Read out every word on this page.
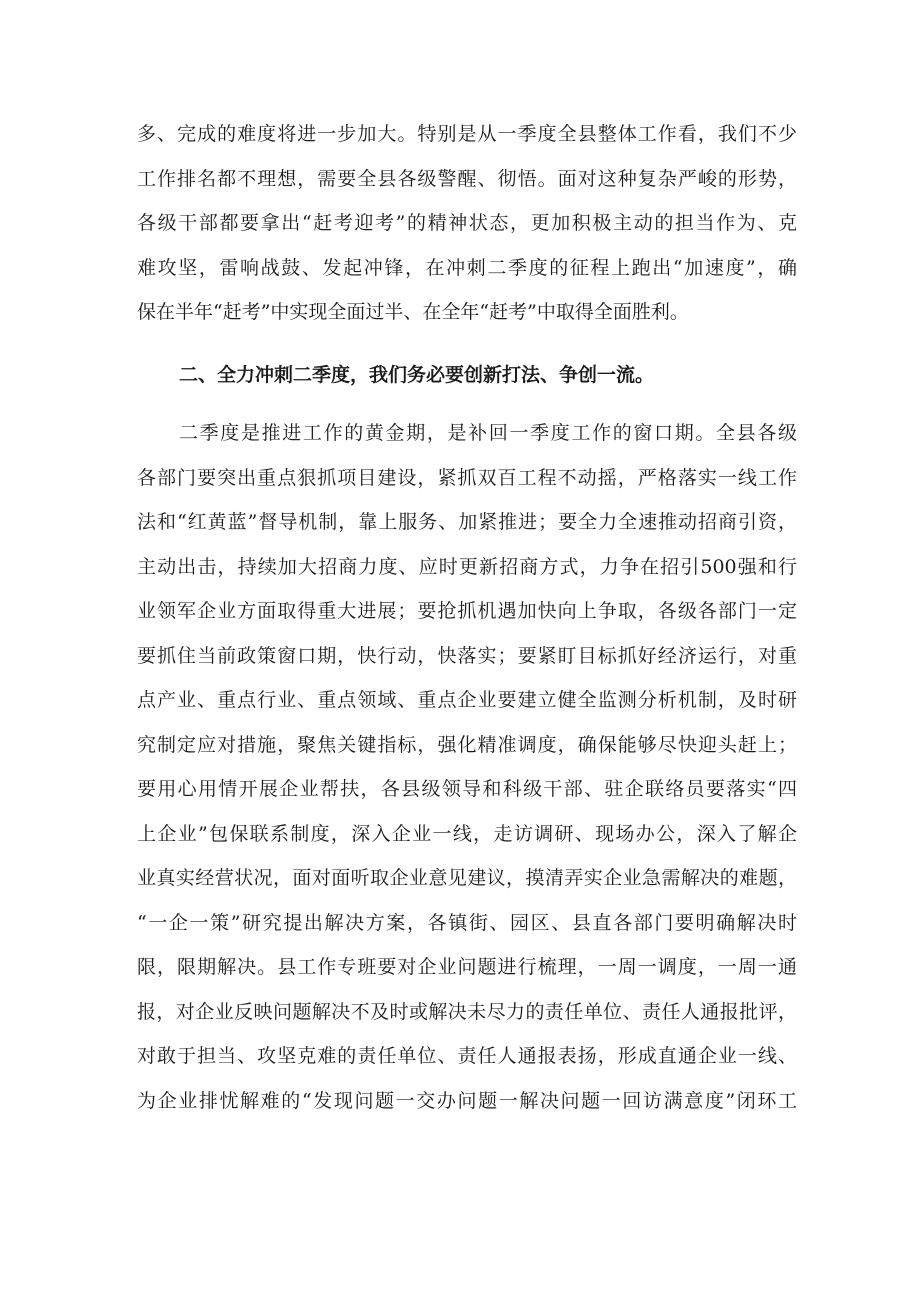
多、完成的难度将进一步加大。特别是从一季度全县整体工作看，我们不少
工作排名都不理想，需要全县各级警醒、彻悟。面对这种复杂严峻的形势，
各级干部都要拿出“赶考迎考”的精神状态，更加积极主动的担当作为、克
难攻坚，雷响战鼓、发起冲锋，在冲刺二季度的征程上跑出“加速度”，确
保在半年“赶考”中实现全面过半、在全年“赶考”中取得全面胜利。
二、全力冲刺二季度，我们务必要创新打法、争创一流。
二季度是推进工作的黄金期，是补回一季度工作的窗口期。全县各级
各部门要突出重点狠抓项目建设，紧抓双百工程不动摇，严格落实一线工作
法和“红黄蓝”督导机制，靠上服务、加紧推进；要全力全速推动招商引资，
主动出击，持续加大招商力度、应时更新招商方式，力争在招引500强和行
业领军企业方面取得重大进展；要抢抓机遇加快向上争取，各级各部门一定
要抓住当前政策窗口期，快行动，快落实；要紧盯目标抓好经济运行，对重
点产业、重点行业、重点领域、重点企业要建立健全监测分析机制，及时研
究制定应对措施，聚焦关键指标，强化精准调度，确保能够尽快迎头赶上；
要用心用情开展企业帮扶，各县级领导和科级干部、驻企联络员要落实“四
上企业”包保联系制度，深入企业一线，走访调研、现场办公，深入了解企
业真实经营状况，面对面听取企业意见建议，摸清弄实企业急需解决的难题，
“一企一策”研究提出解决方案，各镇街、园区、县直各部门要明确解决时
限，限期解决。县工作专班要对企业问题进行梳理，一周一调度，一周一通
报，对企业反映问题解决不及时或解决未尽力的责任单位、责任人通报批评，
对敢于担当、攻坚克难的责任单位、责任人通报表扬，形成直通企业一线、
为企业排忧解难的“发现问题一交办问题一解决问题一回访满意度”闭环工
